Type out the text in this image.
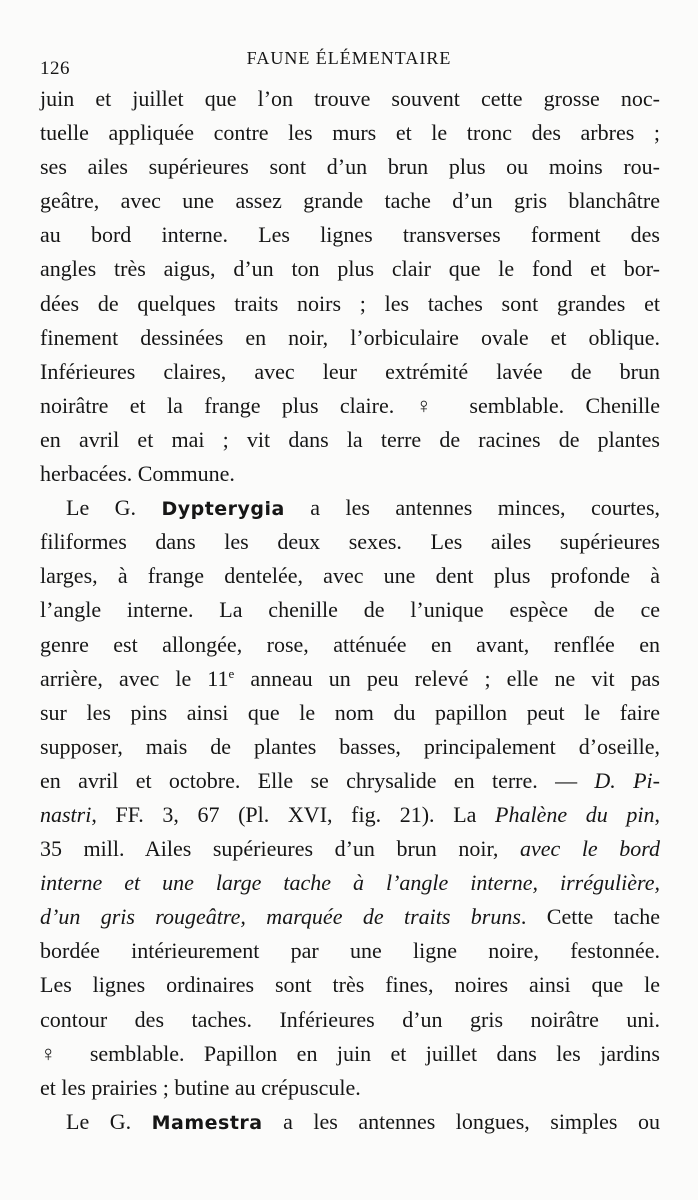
126	FAUNE ÉLÉMENTAIRE
juin et juillet que l’on trouve souvent cette grosse noc-
tuelle appliquée contre les murs et le tronc des arbres ;
ses ailes supérieures sont d’un brun plus ou moins rou-
geâtre, avec une assez grande tache d’un gris blanchâtre
au bord interne. Les lignes transverses forment des
angles très aigus, d’un ton plus clair que le fond et bor-
dées de quelques traits noirs ; les taches sont grandes et
finement dessinées en noir, l’orbiculaire ovale et oblique.
Inférieures claires, avec leur extrémité lavée de brun
noirâtre et la frange plus claire. ♀ semblable. Chenille
en avril et mai ; vit dans la terre de racines de plantes
herbacées. Commune.
Le G. Dypterygia a les antennes minces, courtes,
filiformes dans les deux sexes. Les ailes supérieures
larges, à frange dentelée, avec une dent plus profonde à
l’angle interne. La chenille de l’unique espèce de ce
genre est allongée, rose, atténuée en avant, renflée en
arrière, avec le 11e anneau un peu relevé ; elle ne vit pas
sur les pins ainsi que le nom du papillon peut le faire
supposer, mais de plantes basses, principalement d’oseille,
en avril et octobre. Elle se chrysalide en terre. — D. Pi-
nastri, FF. 3, 67 (Pl. XVI, fig. 21). La Phalène du pin,
35 mill. Ailes supérieures d’un brun noir, avec le bord
interne et une large tache à l’angle interne, irrégulière,
d’un gris rougeâtre, marquée de traits bruns. Cette tache
bordée intérieurement par une ligne noire, festonnée.
Les lignes ordinaires sont très fines, noires ainsi que le
contour des taches. Inférieures d’un gris noirâtre uni.
♀ semblable. Papillon en juin et juillet dans les jardins
et les prairies ; butine au crépuscule.
Le G. Mamestra a les antennes longues, simples ou
